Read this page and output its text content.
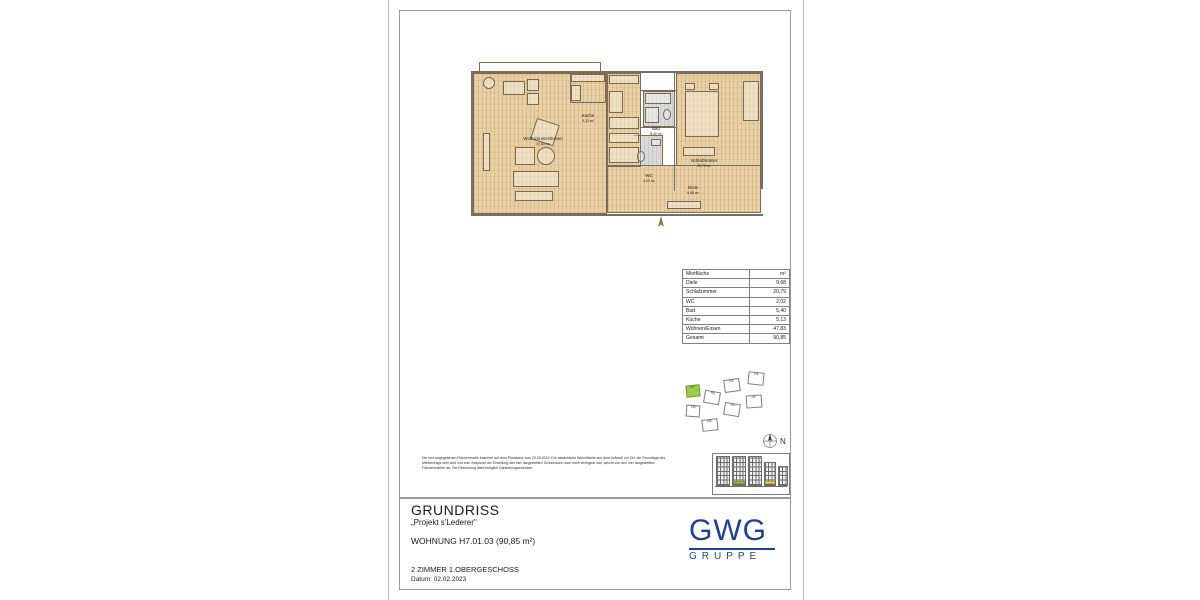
Küche
5,13 m²
Bad
5,40 m²
Wohnzimmer/Essen
47,83 m²
Schlafzimmer
20,79 m²
WC
2,02 m²
Diele
9,68 m²
Mietfläche	m²
Diele	9,68
Schlafzimmer	20,79
WC	2,02
Bad	5,40
Küche	5,13
Wohnen/Essen	47,83
Gesamt	90,85
H7
H5
H3
H1
H2
H4
H8
H6
N
Die hier angegebenen Flächenmaße basieren auf dem Planstand vom 20.09.2019. Die tatsächliche Wohnfläche aus dem Aufmaß vor Ort, die Grundlage des Mietvertrags sein wird und zum Zeitpunkt der Erstellung des hier dargestellten Grundrisses noch nicht verfügbar war, weicht von den hier dargestellten Flächenmaßen ab. Die Einrichtung dient lediglich Darstellungszwecken.
GRUNDRISS
„Projekt s'Lederer"
WOHNUNG H7.01.03 (90,85 m²)
2 ZIMMER 1.OBERGESCHOSS
Datum: 02.02.2023
GWG
GRUPPE
